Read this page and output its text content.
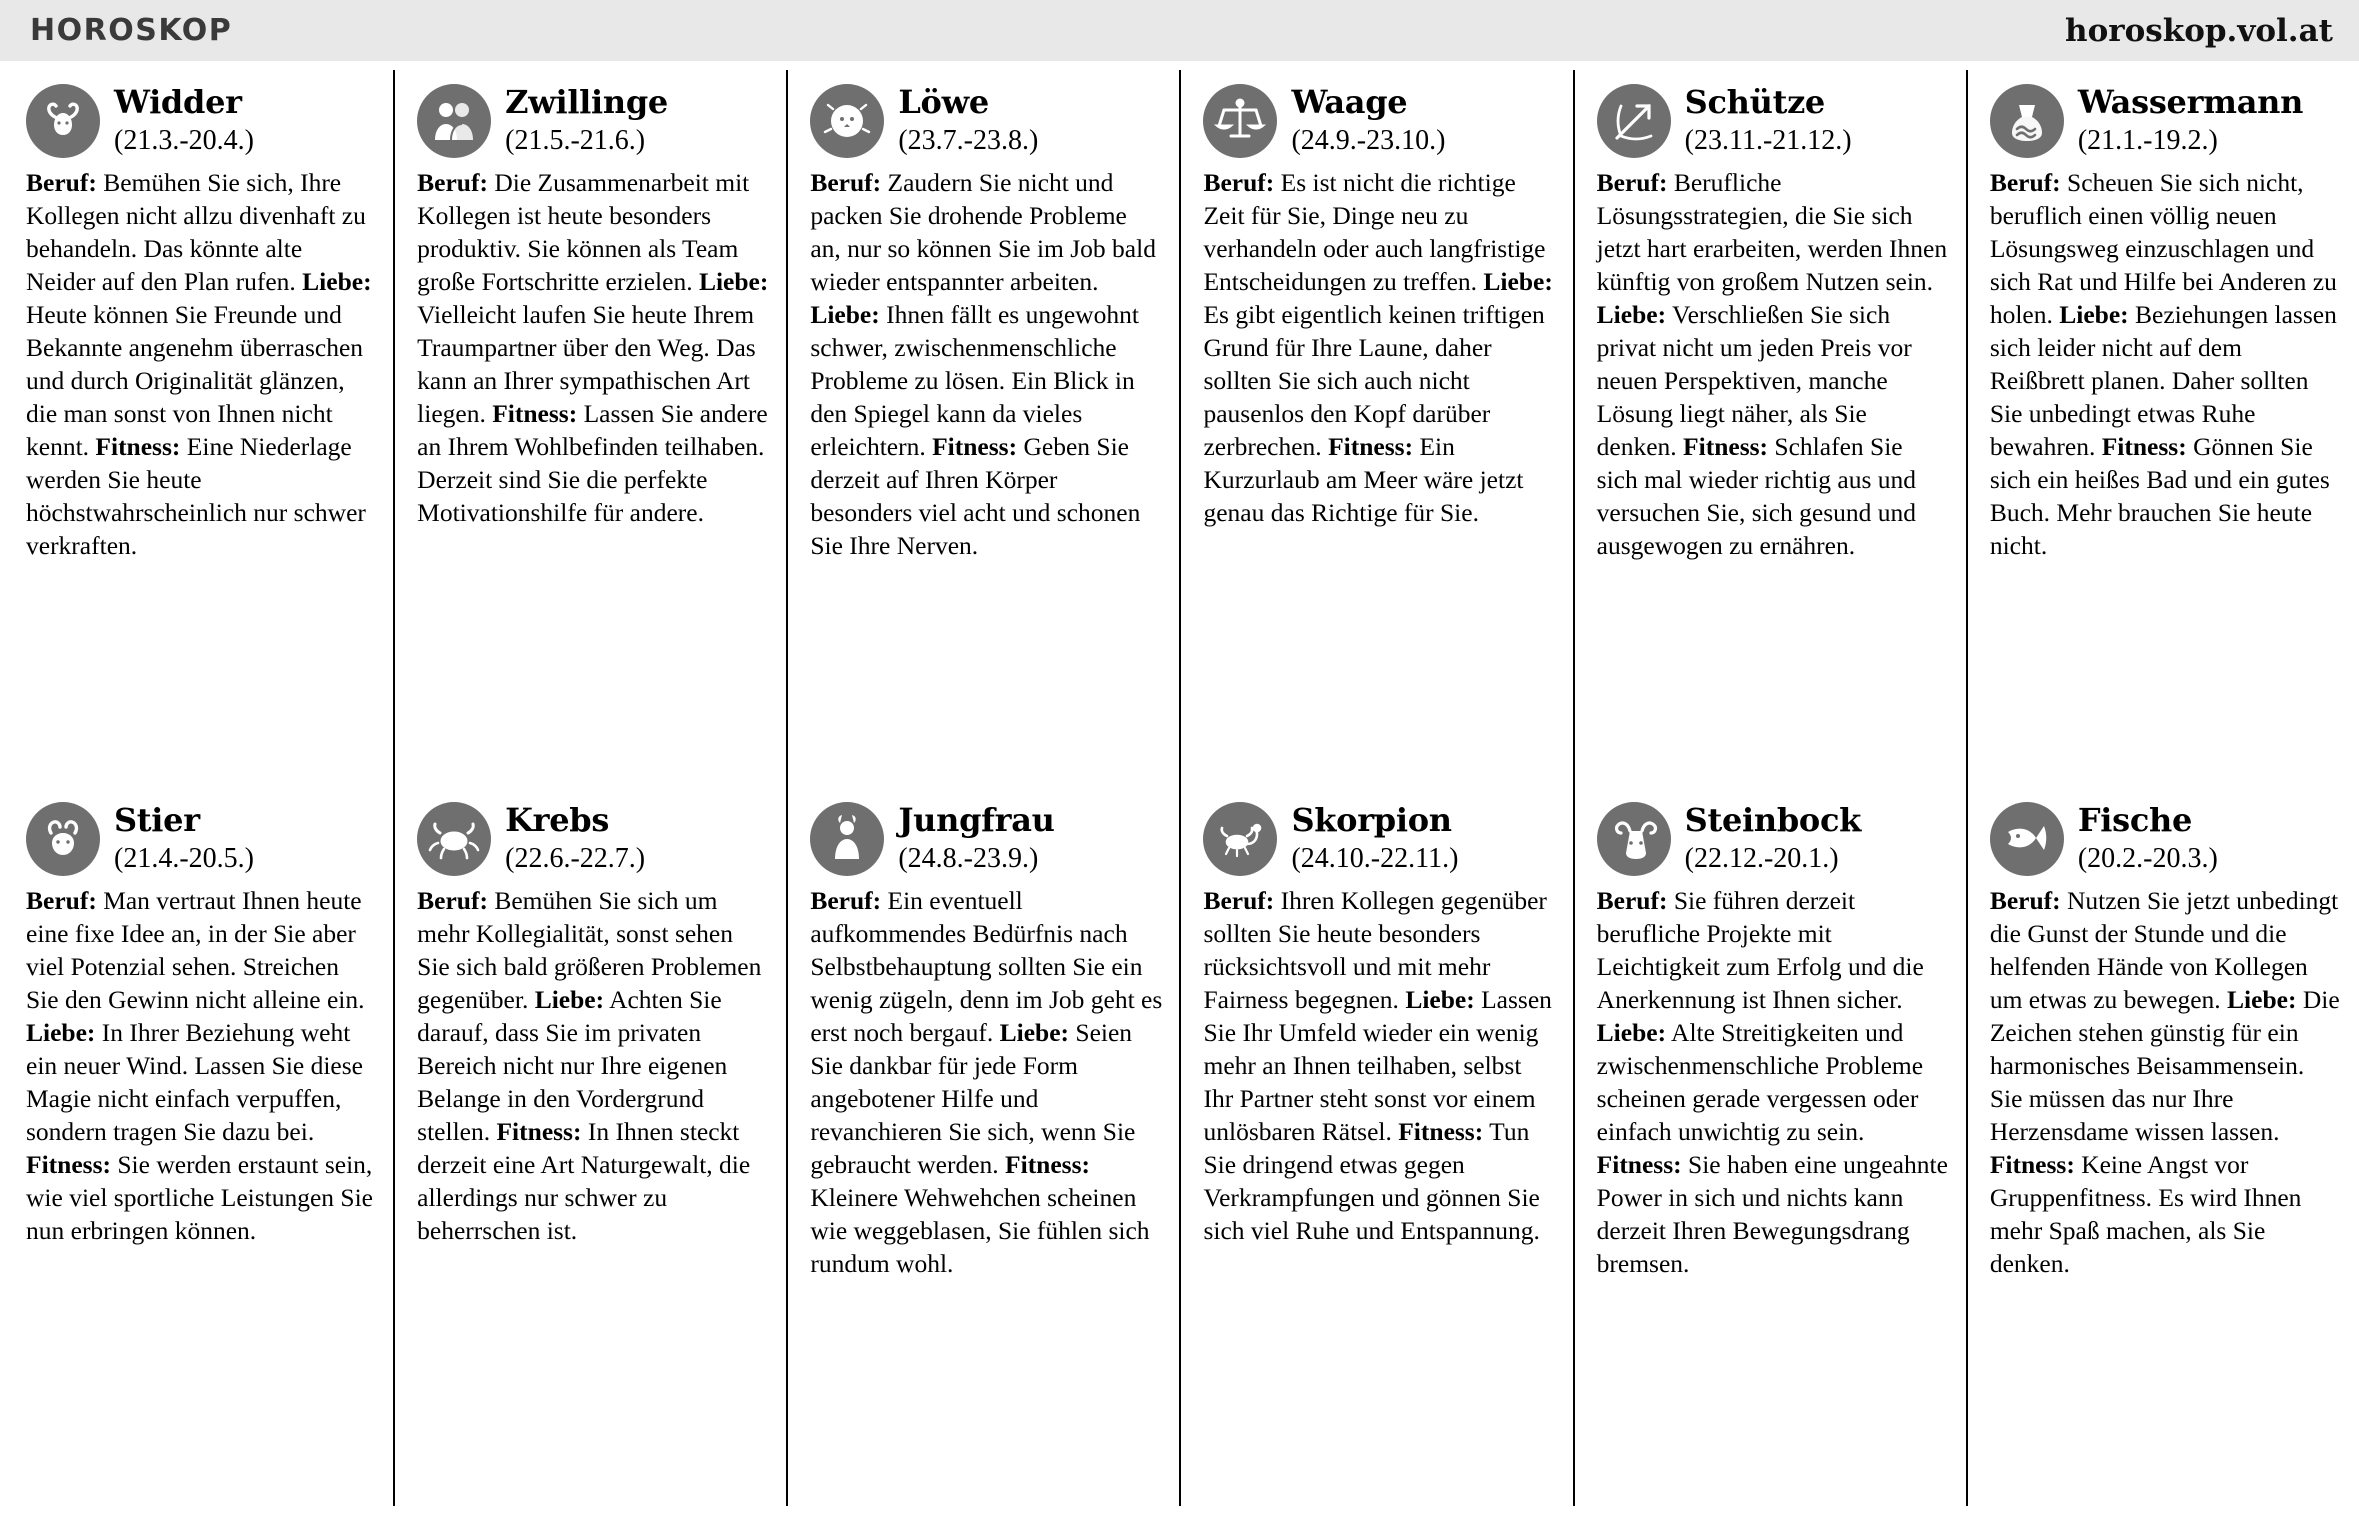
HOROSKOP	horoskop.vol.at
Widder
(21.3.-20.4.)
Beruf: Bemühen Sie sich, Ihre Kollegen nicht allzu divenhaft zu behandeln. Das könnte alte Neider auf den Plan rufen. Liebe: Heute können Sie Freunde und Bekannte angenehm überraschen und durch Originalität glänzen, die man sonst von Ihnen nicht kennt. Fitness: Eine Niederlage werden Sie heute höchstwahrscheinlich nur schwer verkraften.
Zwillinge
(21.5.-21.6.)
Beruf: Die Zusammenarbeit mit Kollegen ist heute besonders produktiv. Sie können als Team große Fortschritte erzielen. Liebe: Vielleicht laufen Sie heute Ihrem Traumpartner über den Weg. Das kann an Ihrer sympathischen Art liegen. Fitness: Lassen Sie andere an Ihrem Wohlbefinden teilhaben. Derzeit sind Sie die perfekte Motivationshilfe für andere.
Löwe
(23.7.-23.8.)
Beruf: Zaudern Sie nicht und packen Sie drohende Probleme an, nur so können Sie im Job bald wieder entspannter arbeiten. Liebe: Ihnen fällt es ungewohnt schwer, zwischenmenschliche Probleme zu lösen. Ein Blick in den Spiegel kann da vieles erleichtern. Fitness: Geben Sie derzeit auf Ihren Körper besonders viel acht und schonen Sie Ihre Nerven.
Waage
(24.9.-23.10.)
Beruf: Es ist nicht die richtige Zeit für Sie, Dinge neu zu verhandeln oder auch langfristige Entscheidungen zu treffen. Liebe: Es gibt eigentlich keinen triftigen Grund für Ihre Laune, daher sollten Sie sich auch nicht pausenlos den Kopf darüber zerbrechen. Fitness: Ein Kurzurlaub am Meer wäre jetzt genau das Richtige für Sie.
Schütze
(23.11.-21.12.)
Beruf: Berufliche Lösungsstrategien, die Sie sich jetzt hart erarbeiten, werden Ihnen künftig von großem Nutzen sein. Liebe: Verschließen Sie sich privat nicht um jeden Preis vor neuen Perspektiven, manche Lösung liegt näher, als Sie denken. Fitness: Schlafen Sie sich mal wieder richtig aus und versuchen Sie, sich gesund und ausgewogen zu ernähren.
Wassermann
(21.1.-19.2.)
Beruf: Scheuen Sie sich nicht, beruflich einen völlig neuen Lösungsweg einzuschlagen und sich Rat und Hilfe bei Anderen zu holen. Liebe: Beziehungen lassen sich leider nicht auf dem Reißbrett planen. Daher sollten Sie unbedingt etwas Ruhe bewahren. Fitness: Gönnen Sie sich ein heißes Bad und ein gutes Buch. Mehr brauchen Sie heute nicht.
Stier
(21.4.-20.5.)
Beruf: Man vertraut Ihnen heute eine fixe Idee an, in der Sie aber viel Potenzial sehen. Streichen Sie den Gewinn nicht alleine ein. Liebe: In Ihrer Beziehung weht ein neuer Wind. Lassen Sie diese Magie nicht einfach verpuffen, sondern tragen Sie dazu bei. Fitness: Sie werden erstaunt sein, wie viel sportliche Leistungen Sie nun erbringen können.
Krebs
(22.6.-22.7.)
Beruf: Bemühen Sie sich um mehr Kollegialität, sonst sehen Sie sich bald größeren Problemen gegenüber. Liebe: Achten Sie darauf, dass Sie im privaten Bereich nicht nur Ihre eigenen Belange in den Vordergrund stellen. Fitness: In Ihnen steckt derzeit eine Art Naturgewalt, die allerdings nur schwer zu beherrschen ist.
Jungfrau
(24.8.-23.9.)
Beruf: Ein eventuell aufkommendes Bedürfnis nach Selbstbehauptung sollten Sie ein wenig zügeln, denn im Job geht es erst noch bergauf. Liebe: Seien Sie dankbar für jede Form angebotener Hilfe und revanchieren Sie sich, wenn Sie gebraucht werden. Fitness: Kleinere Wehwehchen scheinen wie weggeblasen, Sie fühlen sich rundum wohl.
Skorpion
(24.10.-22.11.)
Beruf: Ihren Kollegen gegenüber sollten Sie heute besonders rücksichtsvoll und mit mehr Fairness begegnen. Liebe: Lassen Sie Ihr Umfeld wieder ein wenig mehr an Ihnen teilhaben, selbst Ihr Partner steht sonst vor einem unlösbaren Rätsel. Fitness: Tun Sie dringend etwas gegen Verkrampfungen und gönnen Sie sich viel Ruhe und Entspannung.
Steinbock
(22.12.-20.1.)
Beruf: Sie führen derzeit berufliche Projekte mit Leichtigkeit zum Erfolg und die Anerkennung ist Ihnen sicher. Liebe: Alte Streitigkeiten und zwischenmenschliche Probleme scheinen gerade vergessen oder einfach unwichtig zu sein. Fitness: Sie haben eine ungeahnte Power in sich und nichts kann derzeit Ihren Bewegungsdrang bremsen.
Fische
(20.2.-20.3.)
Beruf: Nutzen Sie jetzt unbedingt die Gunst der Stunde und die helfenden Hände von Kollegen um etwas zu bewegen. Liebe: Die Zeichen stehen günstig für ein harmonisches Beisammensein. Sie müssen das nur Ihre Herzensdame wissen lassen. Fitness: Keine Angst vor Gruppenfitness. Es wird Ihnen mehr Spaß machen, als Sie denken.
